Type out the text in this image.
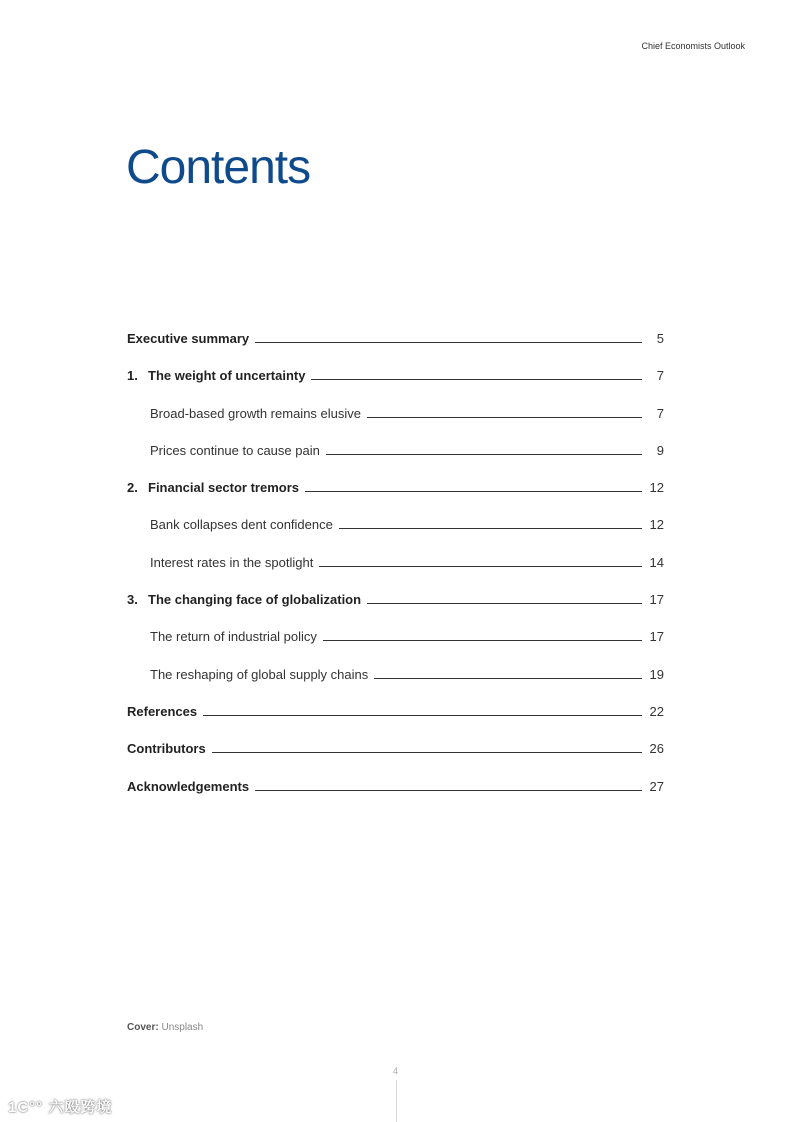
Chief Economists Outlook
Contents
Executive summary	5
1. The weight of uncertainty	7
Broad-based growth remains elusive	7
Prices continue to cause pain	9
2. Financial sector tremors	12
Bank collapses dent confidence	12
Interest rates in the spotlight	14
3. The changing face of globalization	17
The return of industrial policy	17
The reshaping of global supply chains	19
References	22
Contributors	26
Acknowledgements	27
Cover: Unsplash
4
1C°° 六殴跨境
